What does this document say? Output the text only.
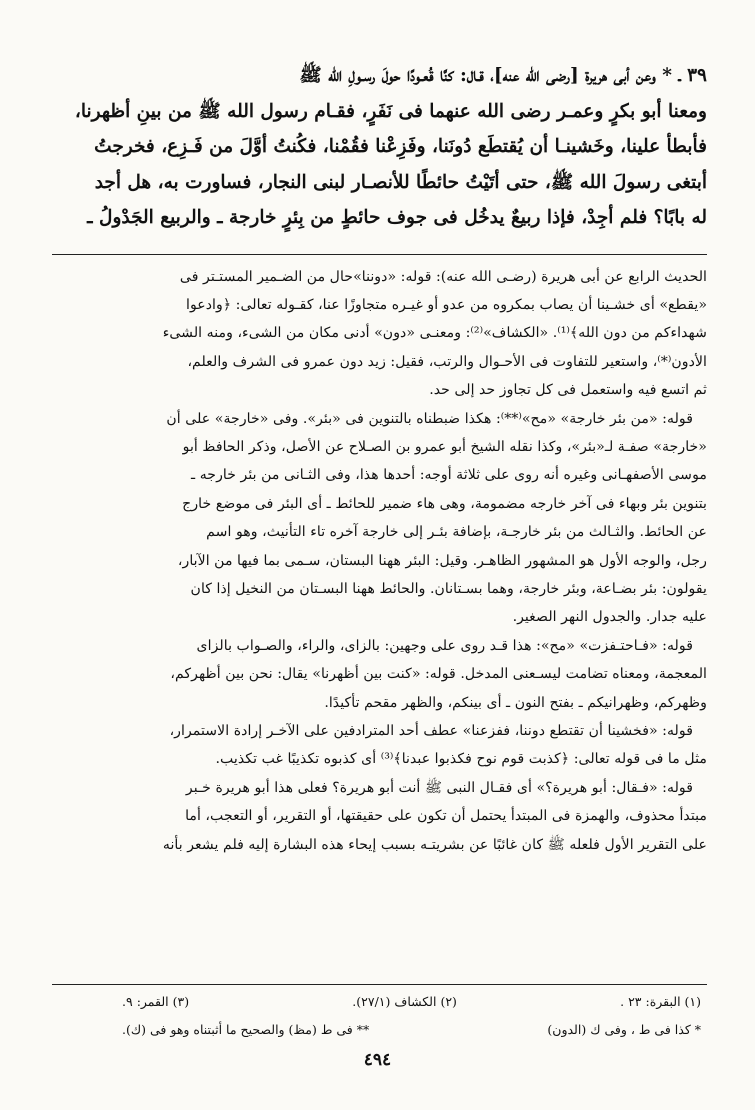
٣٩ ـ * وعن أبى هريرة [رضى الله عنه]، قـال: كنَّا قُعـودًا حولَ رسـولِ الله ﷺ

ومعنا أبو بكرٍ وعمـر رضى الله عنهما فى نَفَرٍ، فقـام رسول الله ﷺ من بينِ أظهرنا،

فأبطأ علينا، وخَشينـا أن يُقتطَع دُونَنا، وفَزِعْنا فقُمْنا، فكُنتُ أوَّلَ من فَـزِع، فخرجتُ

أبتغى رسولَ الله ﷺ، حتى أتَيْتُ حائطًا للأنصـار لبنى النجار، فساورت به، هل أجد

له بابًا؟ فلم أجِدْ، فإذا ربيعٌ يدخُل فى جوف حائطٍ من بِئرٍ خارجة ـ والربيع الجَدْولُ ـ

الحديث الرابع عن أبى هريرة (رضـى الله عنه): قوله: «دوننا»حال من الضـمير المستـتر فى

«يقطع» أى خشـينا أن يصاب بمكروه من عدو أو غيـره متجاوزًا عنا، كقـوله تعالى: ﴿وادعوا

شهداءكم من دون الله﴾⁽¹⁾. «الكشاف»⁽²⁾: ومعنـى «دون» أدنى مكان من الشىء، ومنه الشىء

الأدون⁽*⁾، واستعير للتفاوت فى الأحـوال والرتب، فقيل: زيد دون عمرو فى الشرف والعلم،

ثم اتسع فيه واستعمل فى كل تجاوز حد إلى حد.

قوله: «من بئر خارجة» «مح»⁽**⁾: هكذا ضبطناه بالتنوين فى «بئر». وفى «خارجة» على أن

«خارجة» صفـة لـ«بئر»، وكذا نقله الشيخ أبو عمرو بن الصـلاح عن الأصل، وذكر الحافظ أبو

موسى الأصفهـانى وغيره أنه روى على ثلاثة أوجه: أحدها هذا، وفى الثـانى من بئر خارجه ـ

بتنوين بئر وبهاء فى آخر خارجه مضمومة، وهى هاء ضمير للحائط ـ أى البئر فى موضع خارج

عن الحائط. والثـالث من بئر خارجـة، بإضافة بئـر إلى خارجة آخره تاء التأنيث، وهو اسم

رجل، والوجه الأول هو المشهور الظاهـر. وقيل: البئر ههنا البستان، سـمى بما فيها من الآبار،

يقولون: بئر بضـاعة، وبئر خارجة، وهما بسـتانان. والحائط ههنا البسـتان من النخيل إذا كان

عليه جدار. والجدول النهر الصغير.

قوله: «فـاحتـفزت» «مح»: هذا قـد روى على وجهين: بالزاى، والراء، والصـواب بالزاى

المعجمة، ومعناه تضامت ليسـعنى المدخل. قوله: «كنت بين أظهرنا» يقال: نحن بين أظهركم،

وظهركم، وظهرانيكم ـ بفتح النون ـ أى بينكم، والظهر مقحم تأكيدًا.

قوله: «فخشينا أن تقتطع دوننا، ففزعنا» عطف أحد المترادفين على الآخـر إرادة الاستمرار،

مثل ما فى قوله تعالى: ﴿كذبت قوم نوح فكذبوا عبدنا﴾⁽³⁾ أى كذبوه تكذيبًا غب تكذيب.

قوله: «فـقال: أبو هريرة؟» أى فقـال النبى ﷺ أنت أبو هريرة؟ فعلى هذا أبو هريرة خـبر

مبتدأ محذوف، والهمزة فى المبتدأ يحتمل أن تكون على حقيقتها، أو التقرير، أو التعجب، أما

على التقرير الأول فلعله ﷺ كان غائبًا عن بشريتـه بسبب إيحاء هذه البشارة إليه فلم يشعر بأنه

(١) البقرة: ٢٣ .
(٢) الكشاف (٢٧/١).
(٣) القمر: ٩.
* كذا فى ط ، وفى ك (الدون)
** فى ط (مظ) والصحيح ما أثبتناه وهو فى (ك).
٤٩٤
